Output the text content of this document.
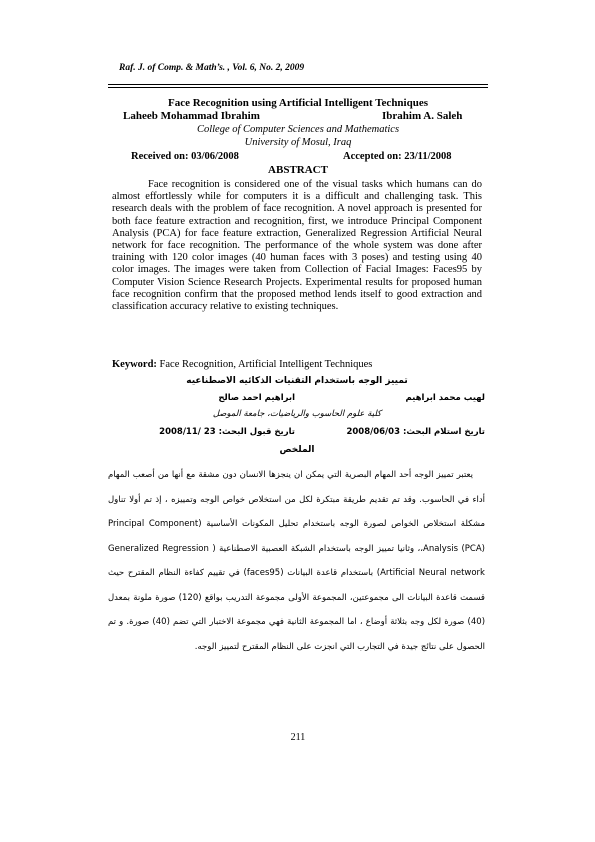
Raf. J. of Comp. & Math’s. , Vol. 6, No. 2, 2009
Face Recognition using Artificial Intelligent Techniques
Laheeb Mohammad Ibrahim	Ibrahim A. Saleh
College of Computer Sciences and Mathematics
University of Mosul, Iraq
Received on: 03/06/2008	Accepted on: 23/11/2008
ABSTRACT

Face recognition is considered one of the visual tasks which humans can do almost effortlessly while for computers it is a difficult and challenging task. This research deals with the problem of face recognition. A novel approach is presented for both face feature extraction and recognition, first, we introduce Principal Component Analysis (PCA) for face feature extraction, Generalized Regression Artificial Neural network for face recognition. The performance of the whole system was done after training with 120 color images (40 human faces with 3 poses) and testing using 40 color images. The images were taken from Collection of Facial Images: Faces95 by Computer Vision Science Research Projects. Experimental results for proposed human face recognition confirm that the proposed method lends itself to good extraction and classification accuracy relative to existing techniques.

Keyword: Face Recognition, Artificial Intelligent Techniques
تمييز الوجه باستخدام التقنيات الذكائيه الاصطناعيه
لهيب محمد ابراهيم
ابراهيم احمد صالح
كلية علوم الحاسوب والرياضيات، جامعة الموصل
تاريخ استلام البحث: 2008/06/03
تاريخ قبول البحث: 23 /2008/11
الملخص

يعتبر تمييز الوجه أحد المهام البصرية التي يمكن ان ينجزها الانسان دون مشقة مع أنها من أصعب المهام أداء في الحاسوب. وقد تم تقديم طريقة مبتكرة لكل من استخلاص خواص الوجه وتمييزه ، إذ تم أولا تناول مشكلة استخلاص الخواص لصورة الوجه باستخدام تحليل المكونات الأساسية (Principal Component Analysis (PCA)،، وثانيا تمييز الوجه باستخدام الشبكة العصبية الاصطناعية ( Generalized Regression Artificial Neural network) باستخدام قاعدة البيانات (faces95) في تقييم كفاءة النظام المقترح حيث قسمت قاعدة البيانات الى مجموعتين، المجموعة الأولى مجموعة التدريب بواقع (120) صورة ملونة بمعدل (40) صورة لكل وجه بثلاثة أوضاع ، اما المجموعة الثانية فهي مجموعة الاختبار التي تضم (40) صورة. و تم الحصول على نتائج جيدة في التجارب التي انجزت على النظام المقترح لتمييز الوجه.

211
